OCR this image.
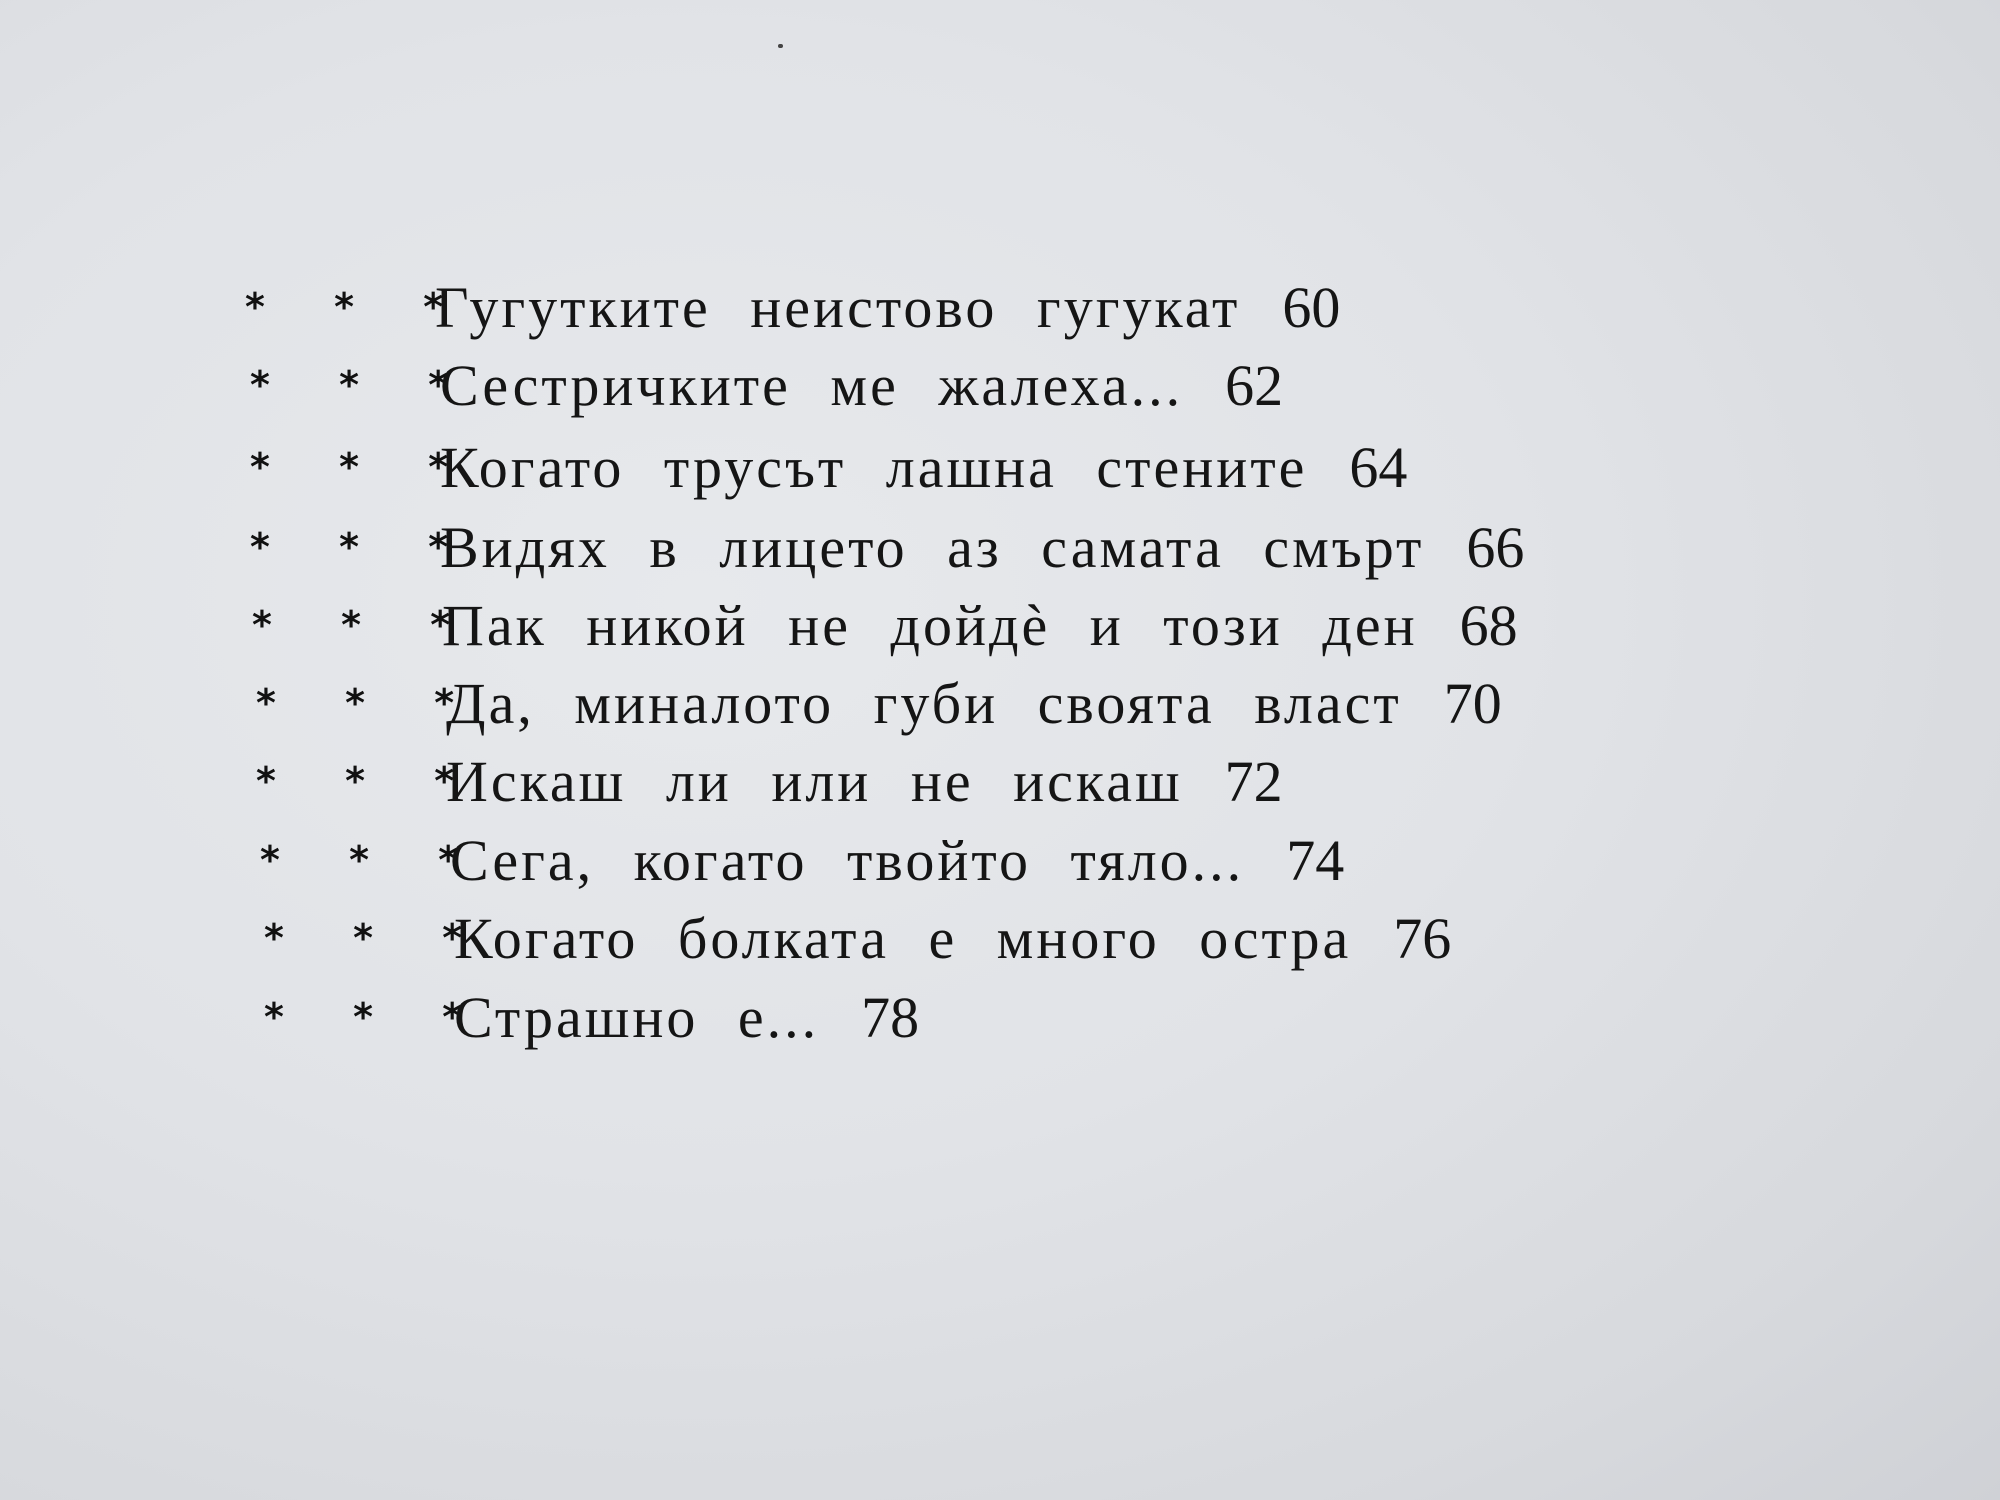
* * *
Гугутките неистово гугукат 60
* * *
Сестричките ме жалеха... 62
* * *
Когато трусът лашна стените 64
* * *
Видях в лицето аз самата смърт 66
* * *
Пак никой не дойдѐ и този ден 68
* * *
Да, миналото губи своята власт 70
* * *
Искаш ли или не искаш 72
* * *
Сега, когато твойто тяло... 74
* * *
Когато болката е много остра 76
* * *
Страшно е... 78
